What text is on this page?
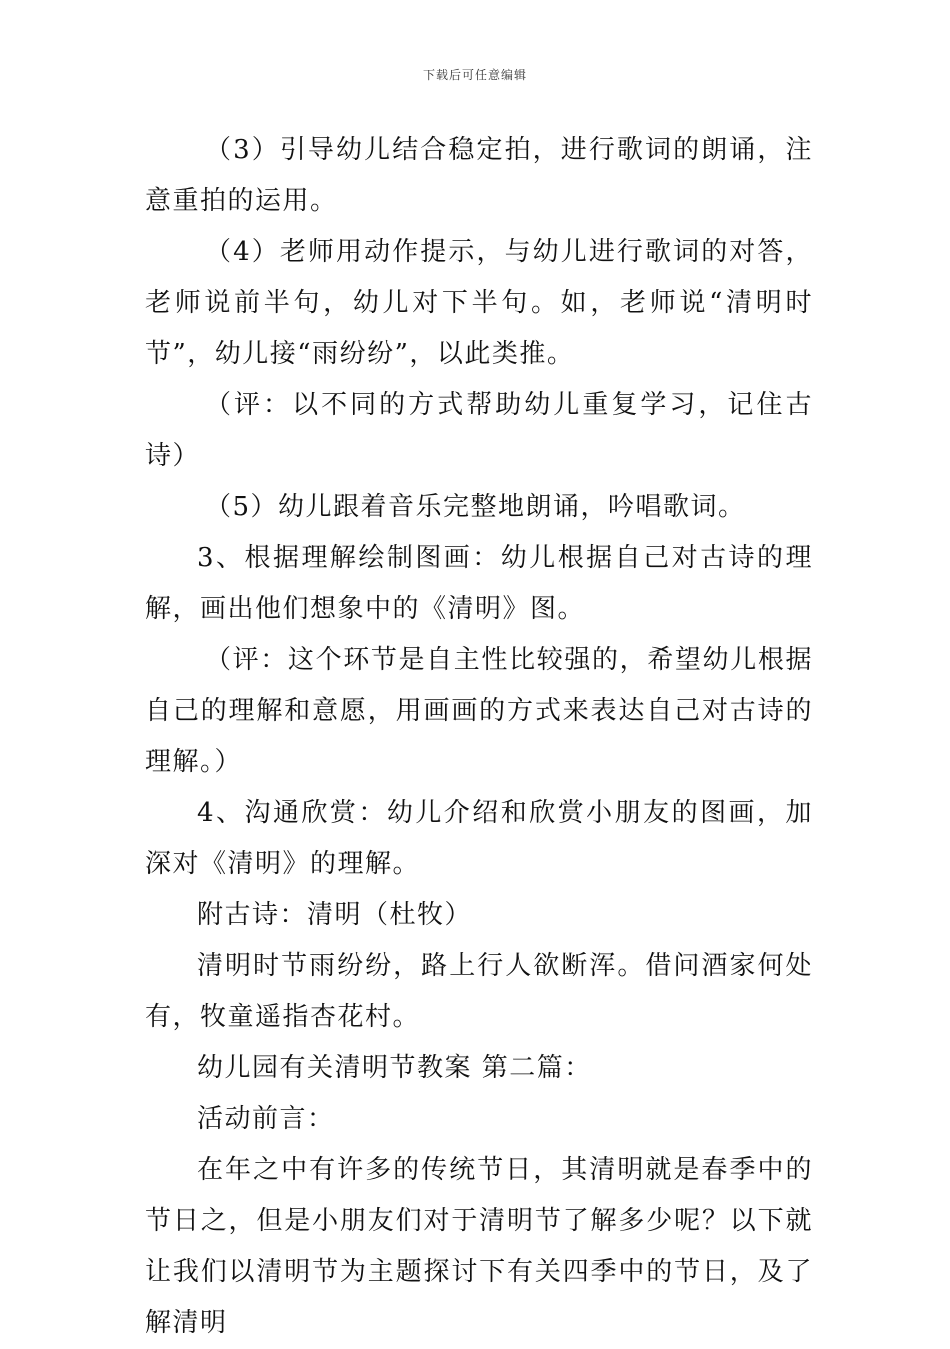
下载后可任意编辑

（3）引导幼儿结合稳定拍，进行歌词的朗诵，注意重拍的运用。

（4）老师用动作提示，与幼儿进行歌词的对答，老师说前半句，幼儿对下半句。如，老师说“清明时节”，幼儿接“雨纷纷”，以此类推。

（评：以不同的方式帮助幼儿重复学习，记住古诗）

（5）幼儿跟着音乐完整地朗诵，吟唱歌词。

3、根据理解绘制图画：幼儿根据自己对古诗的理解，画出他们想象中的《清明》图。

（评：这个环节是自主性比较强的，希望幼儿根据自己的理解和意愿，用画画的方式来表达自己对古诗的理解。）

4、沟通欣赏：幼儿介绍和欣赏小朋友的图画，加深对《清明》的理解。

附古诗：清明（杜牧）

清明时节雨纷纷，路上行人欲断浑。借问酒家何处有，牧童遥指杏花村。

幼儿园有关清明节教案 第二篇：

活动前言：

在年之中有许多的传统节日，其清明就是春季中的节日之，但是小朋友们对于清明节了解多少呢？以下就让我们以清明节为主题探讨下有关四季中的节日，及了解清明
